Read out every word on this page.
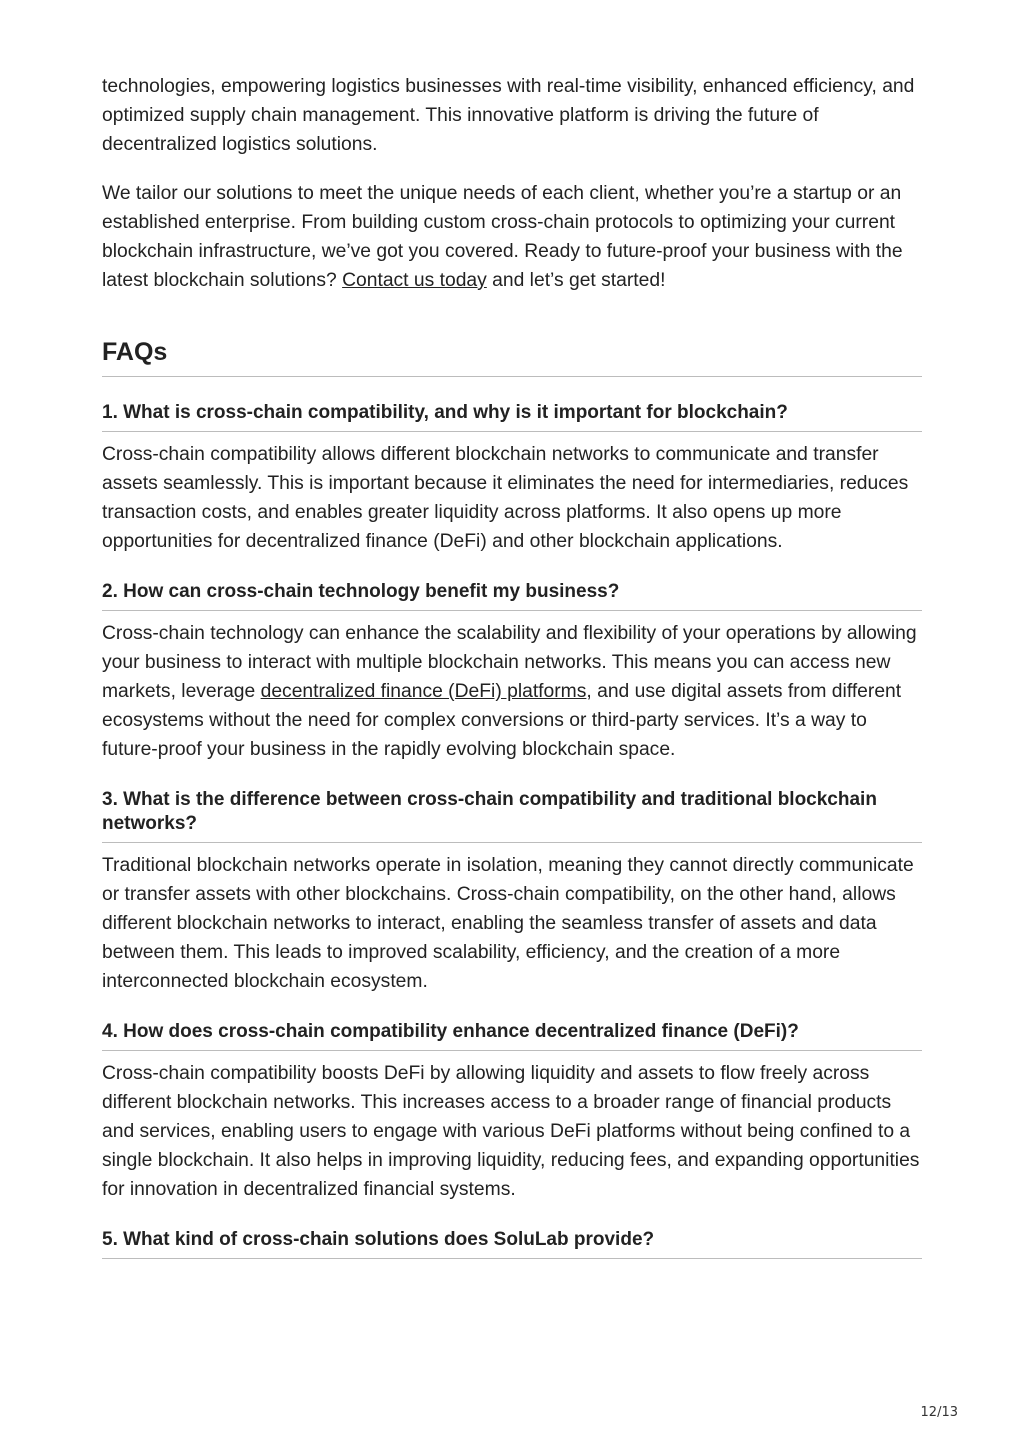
technologies, empowering logistics businesses with real-time visibility, enhanced efficiency, and optimized supply chain management. This innovative platform is driving the future of decentralized logistics solutions.

We tailor our solutions to meet the unique needs of each client, whether you’re a startup or an established enterprise. From building custom cross-chain protocols to optimizing your current blockchain infrastructure, we’ve got you covered. Ready to future-proof your business with the latest blockchain solutions? Contact us today and let’s get started!

FAQs
1. What is cross-chain compatibility, and why is it important for blockchain?
Cross-chain compatibility allows different blockchain networks to communicate and transfer assets seamlessly. This is important because it eliminates the need for intermediaries, reduces transaction costs, and enables greater liquidity across platforms. It also opens up more opportunities for decentralized finance (DeFi) and other blockchain applications.
2. How can cross-chain technology benefit my business?
Cross-chain technology can enhance the scalability and flexibility of your operations by allowing your business to interact with multiple blockchain networks. This means you can access new markets, leverage decentralized finance (DeFi) platforms, and use digital assets from different ecosystems without the need for complex conversions or third-party services. It’s a way to future-proof your business in the rapidly evolving blockchain space.
3. What is the difference between cross-chain compatibility and traditional blockchain networks?
Traditional blockchain networks operate in isolation, meaning they cannot directly communicate or transfer assets with other blockchains. Cross-chain compatibility, on the other hand, allows different blockchain networks to interact, enabling the seamless transfer of assets and data between them. This leads to improved scalability, efficiency, and the creation of a more interconnected blockchain ecosystem.
4. How does cross-chain compatibility enhance decentralized finance (DeFi)?
Cross-chain compatibility boosts DeFi by allowing liquidity and assets to flow freely across different blockchain networks. This increases access to a broader range of financial products and services, enabling users to engage with various DeFi platforms without being confined to a single blockchain. It also helps in improving liquidity, reducing fees, and expanding opportunities for innovation in decentralized financial systems.
5. What kind of cross-chain solutions does SoluLab provide?
12/13
